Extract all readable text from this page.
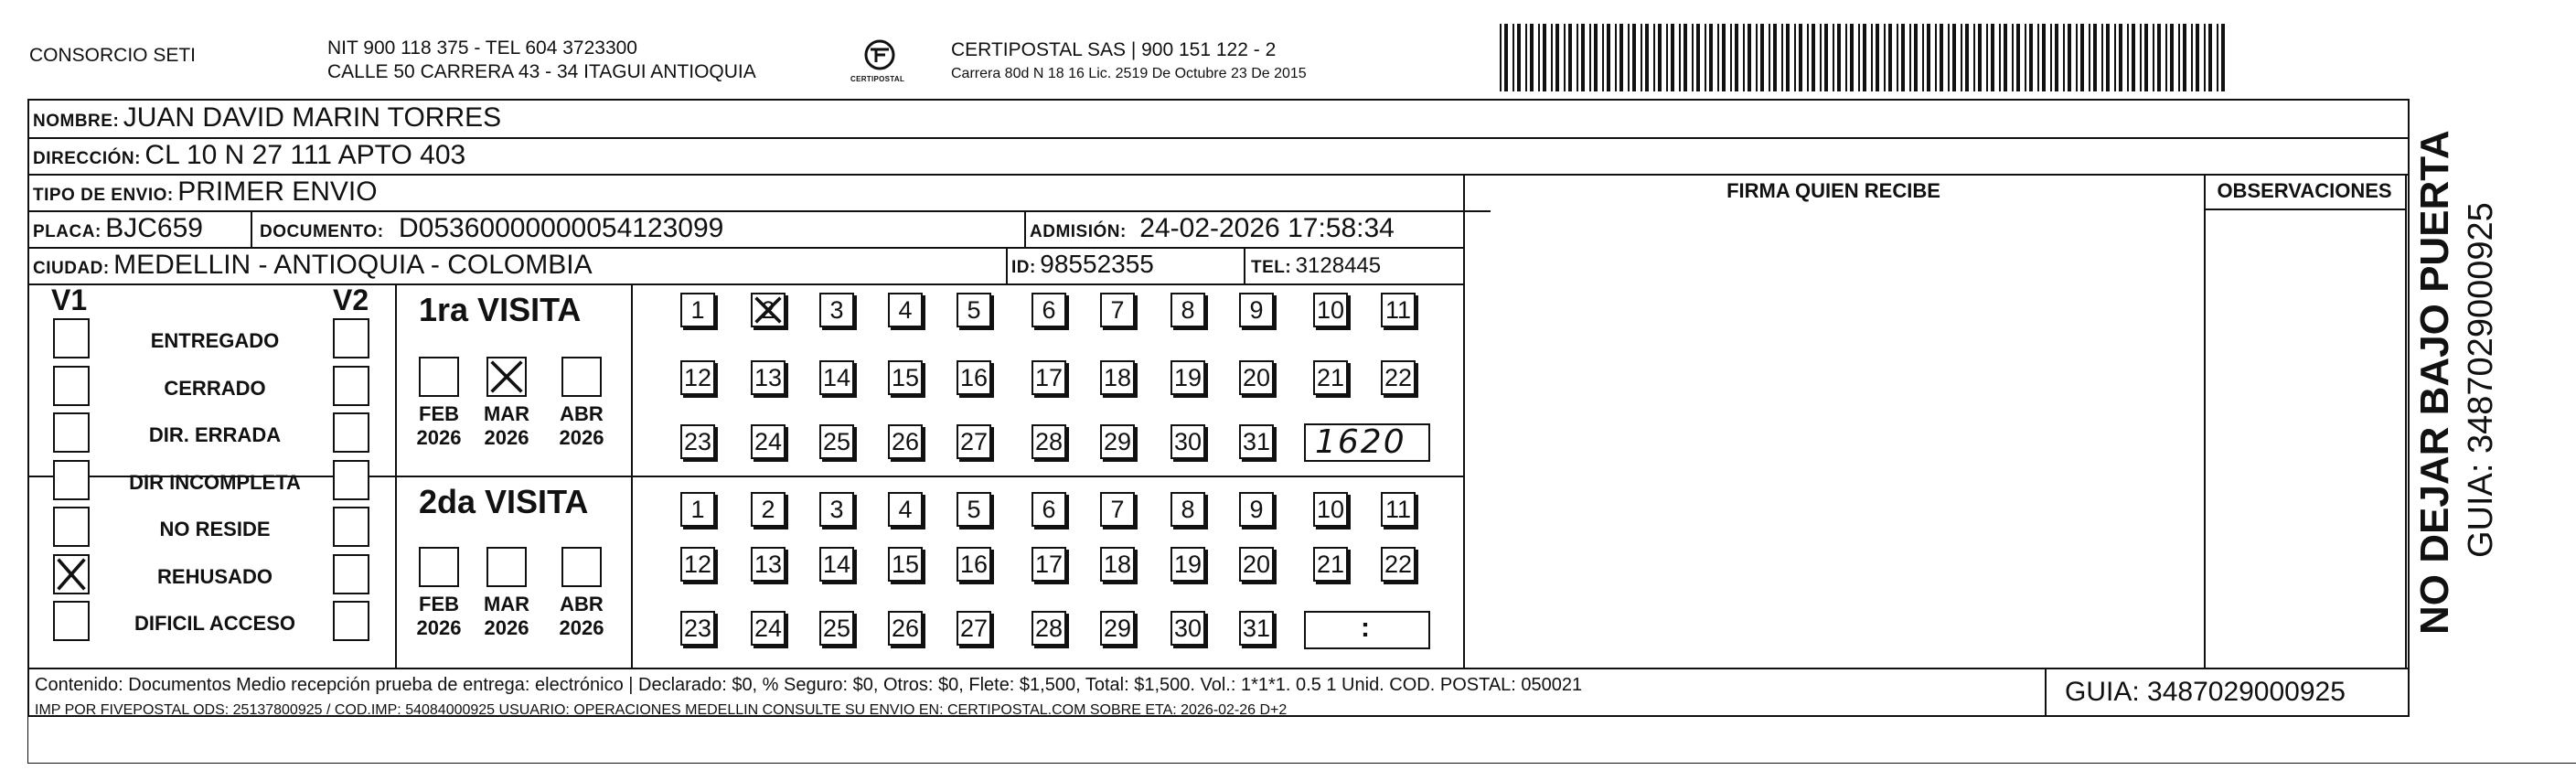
CONSORCIO SETI	NIT 900 118 375 - TEL 604 3723300
CALLE 50 CARRERA 43 - 34 ITAGUI ANTIOQUIA	CERTIPOSTAL
CERTIPOSTAL SAS | 900 151 122 - 2
Carrera 80d N 18 16 Lic. 2519 De Octubre 23 De 2015
NOMBRE: JUAN DAVID MARIN TORRES
DIRECCIÓN: CL 10 N 27 111 APTO 403
TIPO DE ENVIO: PRIMER ENVIO
PLACA: BJC659	DOCUMENTO: D05360000000054123099	ADMISIÓN: 24-02-2026 17:58:34
CIUDAD: MEDELLIN - ANTIOQUIA - COLOMBIA	ID: 98552355	TEL: 3128445
FIRMA QUIEN RECIBE	OBSERVACIONES
V1	V2
ENTREGADO
CERRADO
DIR. ERRADA
DIR INCOMPLETA
NO RESIDE
REHUSADO
DIFICIL ACCESO
1ra VISITA
FEB
2026
MAR
2026
ABR
2026
1	2	3	4	5	6	7	8	9	10 11
12 13 14 15 16 17 18 19 20 21 22
23 24 25 26 27 28 29 30 31 1620
2da VISITA
FEB
2026
MAR
2026
ABR
2026
1	2	3	4	5	6	7	8	9	10 11
12 13 14 15 16 17 18 19 20 21 22
23 24 25 26 27 28 29 30 31	:
Contenido: Documentos Medio recepción prueba de entrega: electrónico | Declarado: $0, % Seguro: $0, Otros: $0, Flete: $1,500, Total: $1,500. Vol.: 1*1*1. 0.5 1 Unid. COD. POSTAL: 050021
IMP POR FIVEPOSTAL ODS: 25137800925 / COD.IMP: 54084000925 USUARIO: OPERACIONES MEDELLIN CONSULTE SU ENVIO EN: CERTIPOSTAL.COM SOBRE ETA: 2026-02-26 D+2
GUIA: 3487029000925
NO DEJAR BAJO PUERTA GUIA: 3487029000925
